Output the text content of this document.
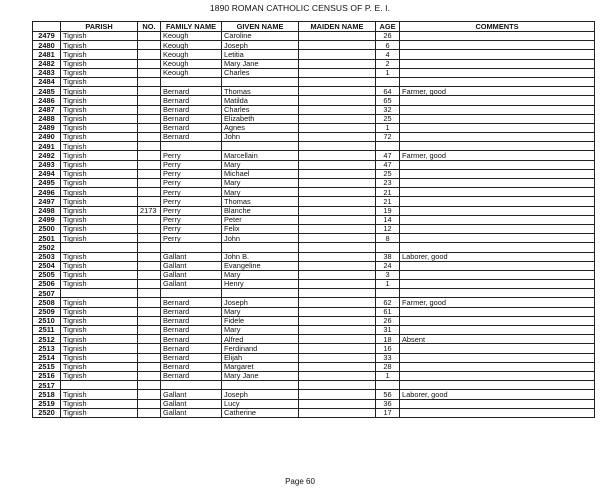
1890 ROMAN CATHOLIC CENSUS OF P. E. I.
	PARISH	NO.	FAMILY NAME	GIVEN NAME	MAIDEN NAME	AGE	COMMENTS
2479	Tignish		Keough	Caroline		26	
2480	Tignish		Keough	Joseph		6	
2481	Tignish		Keough	Letitia		4	
2482	Tignish		Keough	Mary Jane		2	
2483	Tignish		Keough	Charles		1	
2484	Tignish						
2485	Tignish		Bernard	Thomas		64	Farmer, good
2486	Tignish		Bernard	Matilda		65	
2487	Tignish		Bernard	Charles		32	
2488	Tignish		Bernard	Elizabeth		25	
2489	Tignish		Bernard	Agnes		1	
2490	Tignish		Bernard	John		72	
2491	Tignish						
2492	Tignish		Perry	Marcellain		47	Farmer, good
2493	Tignish		Perry	Mary		47	
2494	Tignish		Perry	Michael		25	
2495	Tignish		Perry	Mary		23	
2496	Tignish		Perry	Mary		21	
2497	Tignish		Perry	Thomas		21	
2498	Tignish	2173	Perry	Blanche		19	
2499	Tignish		Perry	Peter		14	
2500	Tignish		Perry	Felix		12	
2501	Tignish		Perry	John		8	
2502							
2503	Tignish		Gallant	John B.		38	Laborer, good
2504	Tignish		Gallant	Evangeline		24	
2505	Tignish		Gallant	Mary		3	
2506	Tignish		Gallant	Henry		1	
2507							
2508	Tignish		Bernard	Joseph		62	Farmer, good
2509	Tignish		Bernard	Mary		61	
2510	Tignish		Bernard	Fidele		26	
2511	Tignish		Bernard	Mary		31	
2512	Tignish		Bernard	Alfred		18	Absent
2513	Tignish		Bernard	Ferdinand		16	
2514	Tignish		Bernard	Elijah		33	
2515	Tignish		Bernard	Margaret		28	
2516	Tignish		Bernard	Mary Jane		1	
2517							
2518	Tignish		Gallant	Joseph		56	Laborer, good
2519	Tignish		Gallant	Lucy		36	
2520	Tignish		Gallant	Catherine		17	
Page 60
